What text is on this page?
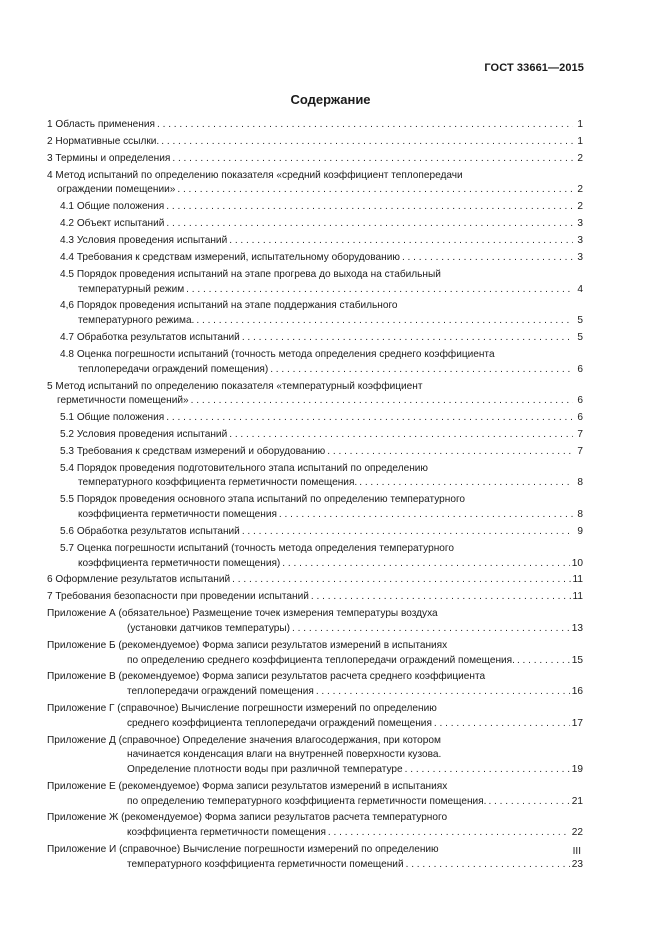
ГОСТ 33661—2015
Содержание
1 Область применения . . .	1
2 Нормативные ссылки. . . .	1
3 Термины и определения . . .	2
4 Метод испытаний по определению показателя «средний коэффициент теплопередачи
ограждении помещении» . . .	2
4.1 Общие положения . . .	2
4.2 Объект испытаний . . .	3
4.3 Условия проведения испытаний . . .	3
4.4 Требования к средствам измерений, испытательному оборудованию . . .	3
4.5 Порядок проведения испытаний на этапе прогрева до выхода на стабильный
температурный режим . . .	4
4,6 Порядок проведения испытаний на этапе поддержания стабильного
температурного режима. . . .	5
4.7 Обработка результатов испытаний . . .	5
4.8 Оценка погрешности испытаний (точность метода определения среднего коэффициента
теплопередачи ограждений помещения) . . .	6
5 Метод испытаний по определению показателя «температурный коэффициент
герметичности помещений» . . .	6
5.1 Общие положения . . .	6
5.2 Условия проведения испытаний . . .	7
5.3 Требования к средствам измерений и оборудованию . . .	7
5.4 Порядок проведения подготовительного этапа испытаний по определению
температурного коэффициента герметичности помещения. . . .	8
5.5 Порядок проведения основного этапа испытаний по определению температурного
коэффициента герметичности помещения . . .	8
5.6 Обработка результатов испытаний . . .	9
5.7 Оценка погрешности испытаний (точность метода определения температурного
коэффициента герметичности помещения) . . .	10
6 Оформление результатов испытаний . . .	11
7 Требования безопасности при проведении испытаний . . .	11
Приложение А (обязательное) Размещение точек измерения температуры воздуха
(установки датчиков температуры) . . .	13
Приложение Б (рекомендуемое) Форма записи результатов измерений в испытаниях
по определению среднего коэффициента теплопередачи ограждений помещения. . . .	15
Приложение В (рекомендуемое) Форма записи результатов расчета среднего коэффициента
теплопередачи ограждений помещения . . .	16
Приложение Г (справочное) Вычисление погрешности измерений по определению
среднего коэффициента теплопередачи ограждений помещения . . .	17
Приложение Д (справочное) Определение значения влагосодержания, при котором
начинается конденсация влаги на внутренней поверхности кузова.
Определение плотности воды при различной температуре . . .	19
Приложение Е (рекомендуемое) Форма записи результатов измерений в испытаниях
по определению температурного коэффициента герметичности помещения. . . .	21
Приложение Ж (рекомендуемое) Форма записи результатов расчета температурного
коэффициента герметичности помещения . . .	22
Приложение И (справочное) Вычисление погрешности измерений по определению
температурного коэффициента герметичности помещений . . .	23
III
